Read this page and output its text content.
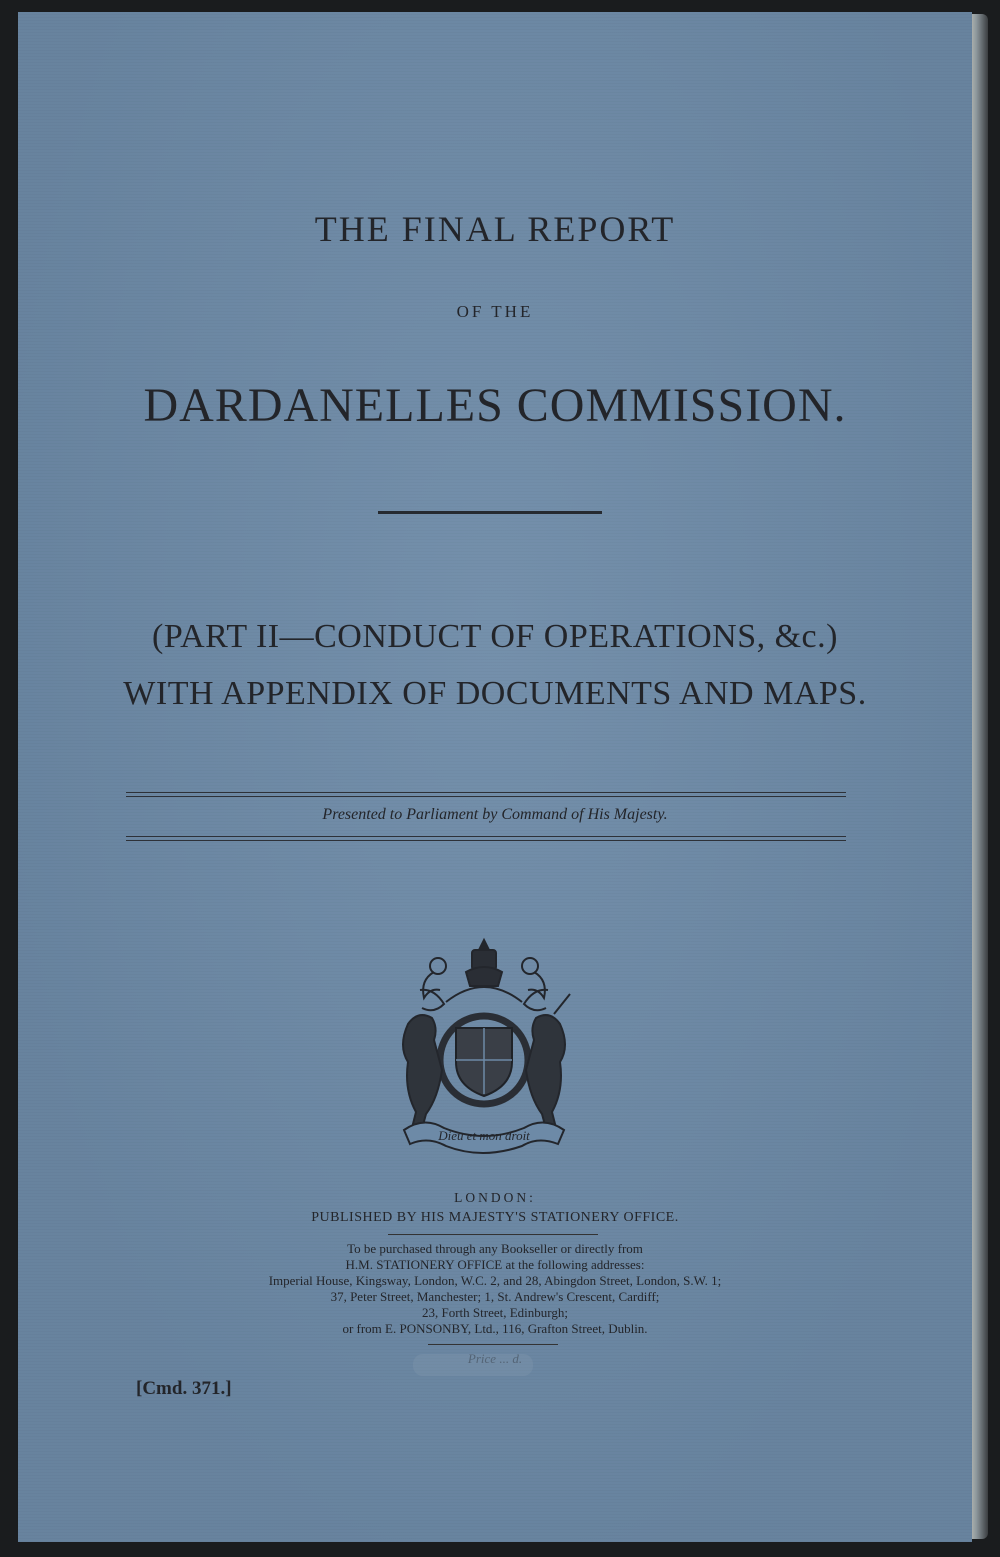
THE FINAL REPORT
OF THE
DARDANELLES COMMISSION.
(PART II—CONDUCT OF OPERATIONS, &c.)
WITH APPENDIX OF DOCUMENTS AND MAPS.
Presented to Parliament by Command of His Majesty.
Dieu et mon droit
LONDON:
PUBLISHED BY HIS MAJESTY'S STATIONERY OFFICE.
To be purchased through any Bookseller or directly from
H.M. STATIONERY OFFICE at the following addresses:
Imperial House, Kingsway, London, W.C. 2, and 28, Abingdon Street, London, S.W. 1;
37, Peter Street, Manchester; 1, St. Andrew's Crescent, Cardiff;
23, Forth Street, Edinburgh;
or from E. PONSONBY, Ltd., 116, Grafton Street, Dublin.
Price ... d.
[Cmd. 371.]
